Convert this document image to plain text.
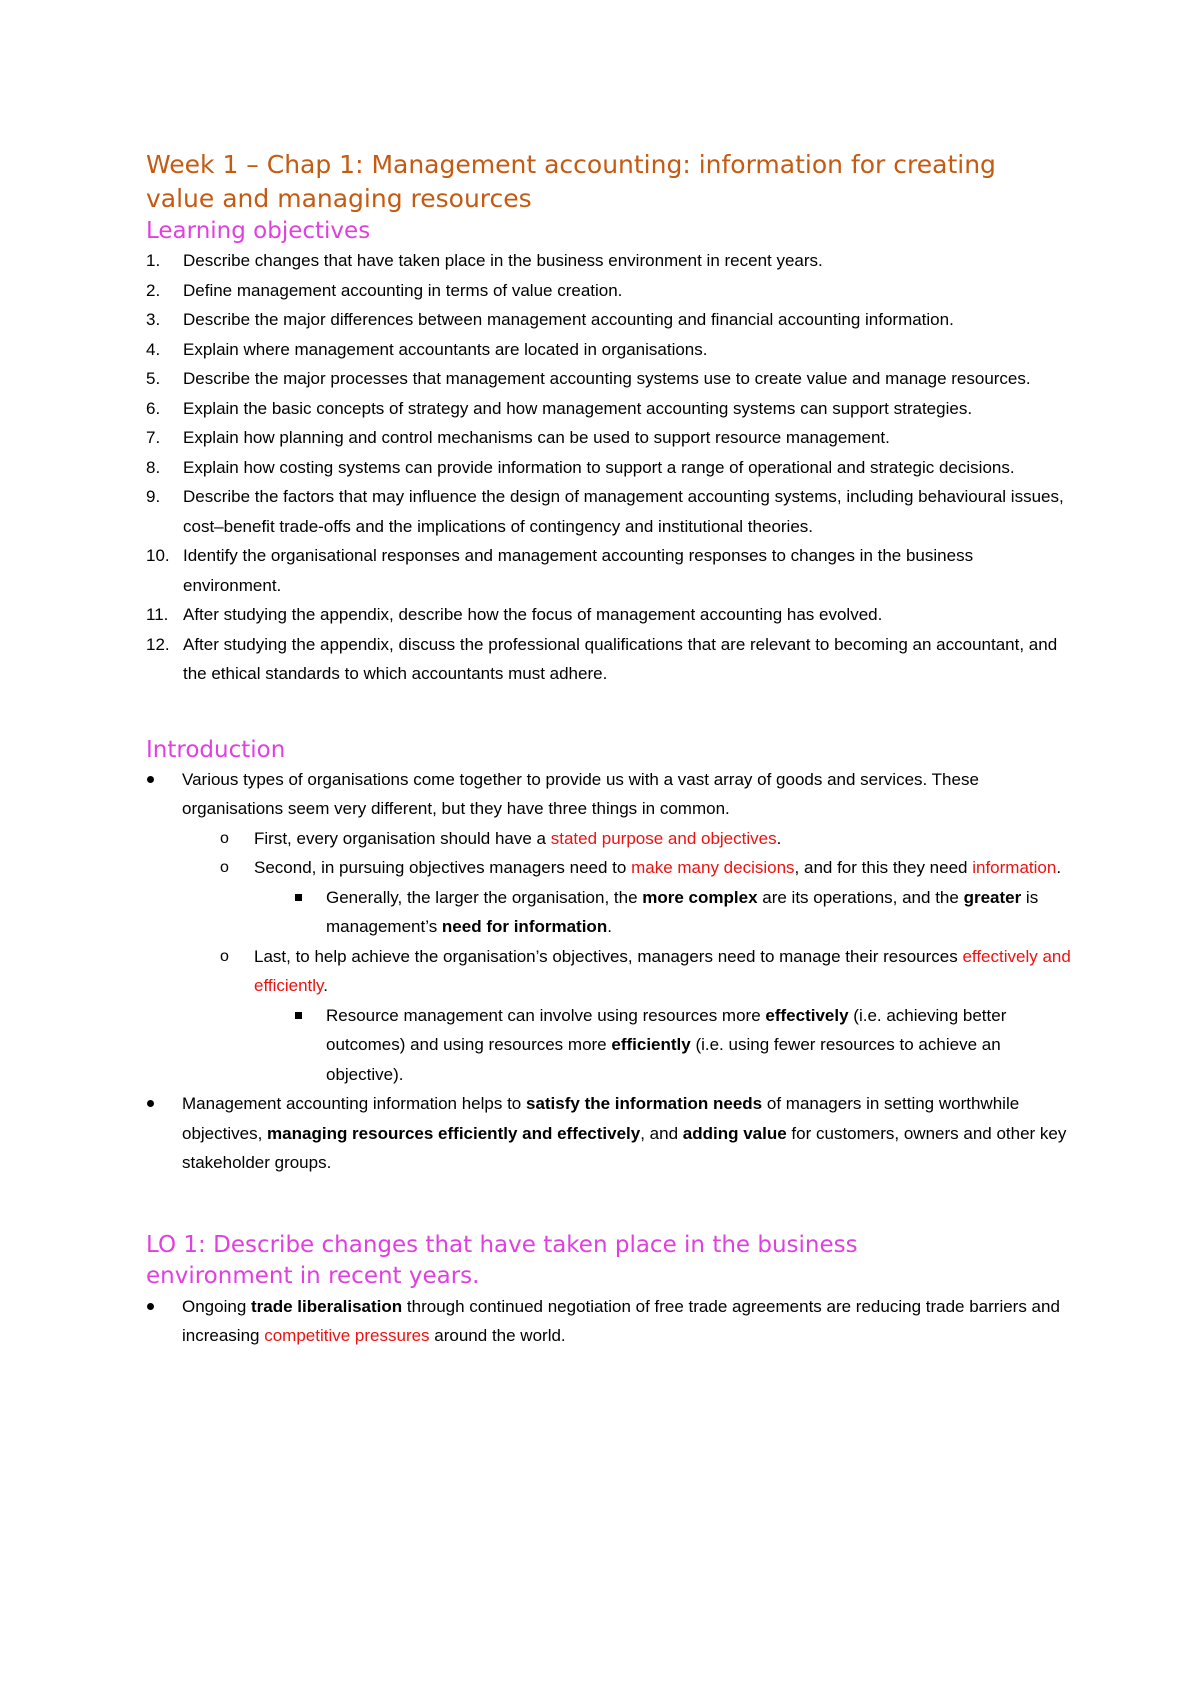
Week 1 – Chap 1: Management accounting: information for creating value and managing resources
Learning objectives
1.	Describe changes that have taken place in the business environment in recent years.
2.	Define management accounting in terms of value creation.
3.	Describe the major differences between management accounting and financial accounting information.
4.	Explain where management accountants are located in organisations.
5.	Describe the major processes that management accounting systems use to create value and manage resources.
6.	Explain the basic concepts of strategy and how management accounting systems can support strategies.
7.	Explain how planning and control mechanisms can be used to support resource management.
8.	Explain how costing systems can provide information to support a range of operational and strategic decisions.
9.	Describe the factors that may influence the design of management accounting systems, including behavioural issues, cost–benefit trade-offs and the implications of contingency and institutional theories.
10. Identify the organisational responses and management accounting responses to changes in the business environment.
11. After studying the appendix, describe how the focus of management accounting has evolved.
12. After studying the appendix, discuss the professional qualifications that are relevant to becoming an accountant, and the ethical standards to which accountants must adhere.
Introduction
Various types of organisations come together to provide us with a vast array of goods and services. These organisations seem very different, but they have three things in common.
o First, every organisation should have a stated purpose and objectives.
o Second, in pursuing objectives managers need to make many decisions, and for this they need information.
Generally, the larger the organisation, the more complex are its operations, and the greater is management’s need for information.
o Last, to help achieve the organisation’s objectives, managers need to manage their resources effectively and efficiently.
Resource management can involve using resources more effectively (i.e. achieving better outcomes) and using resources more efficiently (i.e. using fewer resources to achieve an objective).
Management accounting information helps to satisfy the information needs of managers in setting worthwhile objectives, managing resources efficiently and effectively, and adding value for customers, owners and other key stakeholder groups.
LO 1: Describe changes that have taken place in the business environment in recent years.
Ongoing trade liberalisation through continued negotiation of free trade agreements are reducing trade barriers and increasing competitive pressures around the world.
